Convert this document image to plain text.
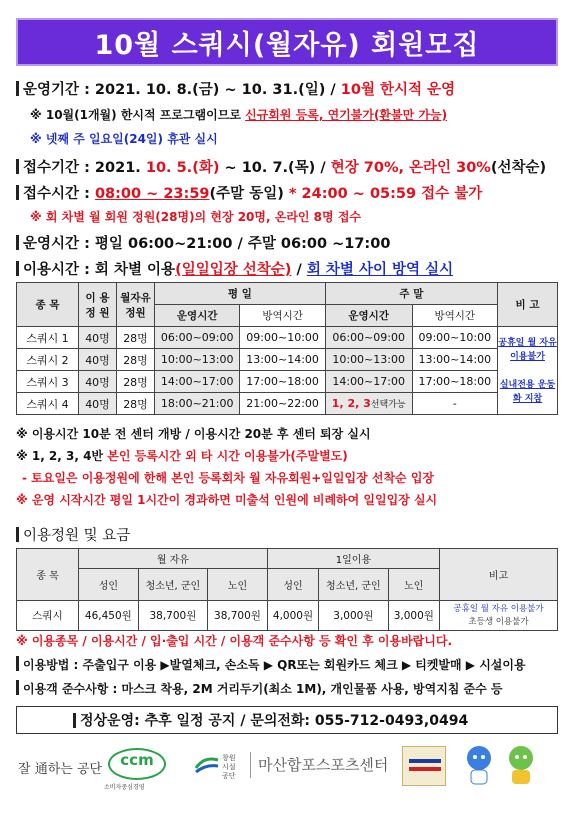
10월 스쿼시(월자유) 회원모집
운영기간 : 2021. 10. 8.(금) ~ 10. 31.(일) / 10월 한시적 운영
※ 10월(1개월) 한시적 프로그램이므로 신규회원 등록, 연기불가(환불만 가능)
※ 넷째 주 일요일(24일) 휴관 실시
접수기간 : 2021. 10. 5.(화) ~ 10. 7.(목) / 현장 70%, 온라인 30%(선착순)
접수시간 : 08:00 ~ 23:59(주말 동일) * 24:00 ~ 05:59 접수 불가
※ 회 차별 월 회원 정원(28명)의 현장 20명, 온라인 8명 접수
운영시간 : 평일 06:00~21:00 / 주말 06:00 ~17:00
이용시간 : 회 차별 이용(일일입장 선착순) / 회 차별 사이 방역 실시
종 목	이 용 정 원	월자유 정원	평 일		주 말		비 고
			운영시간	방역시간	운영시간	방역시간	
스쿼시 1	40명	28명	06:00~09:00	09:00~10:00	06:00~09:00	09:00~10:00	공휴일 월 자유 이용불가
실내전용 운동화 지참

스쿼시 2	40명	28명	10:00~13:00	13:00~14:00	10:00~13:00	13:00~14:00	
스쿼시 3	40명	28명	14:00~17:00	17:00~18:00	14:00~17:00	17:00~18:00	
스쿼시 4	40명	28명	18:00~21:00	21:00~22:00	1, 2, 3선택가능	-	
※ 이용시간 10분 전 센터 개방 / 이용시간 20분 후 센터 퇴장 실시
※ 1, 2, 3, 4반 본인 등록시간 외 타 시간 이용불가(주말별도)
- 토요일은 이용정원에 한해 본인 등록회차 월 자유회원+일일입장 선착순 입장
※ 운영 시작시간 평일 1시간이 경과하면 미출석 인원에 비례하여 일일입장 실시
이용정원 및 요금
종 목	월 자유			1일이용			비고
	성인	청소년, 군인	노인	성인	청소년, 군인	노인	
스쿼시	46,450원	38,700원	38,700원	4,000원	3,000원	3,000원	공휴일 월 자유 이용불가
초등생 이용불가
※ 이용종목 / 이용시간 / 입·출입 시간 / 이용객 준수사항 등 확인 후 이용바랍니다.
이용방법 : 주출입구 이용 ▶발열체크, 손소독 ▶ QR또는 회원카드 체크 ▶ 티켓발매 ▶ 시설이용
이용객 준수사항 : 마스크 착용, 2M 거리두기(최소 1M), 개인물품 사용, 방역지침 준수 등
정상운영: 추후 일정 공지 / 문의전화: 055-712-0493,0494
잘 通하는 공단
ccm
소비자중심경영
창원 시설공단
마산합포스포츠센터
